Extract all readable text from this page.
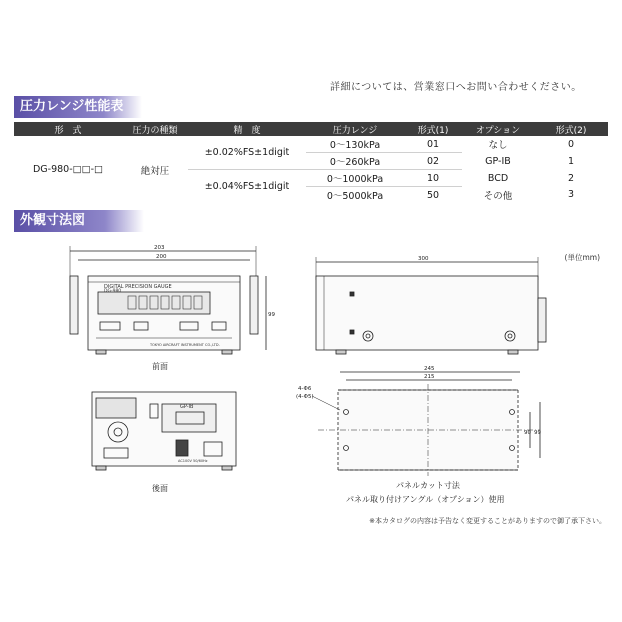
詳細については、営業窓口へお問い合わせください。
圧力レンジ性能表
形　式	圧力の種類	精　度	圧力レンジ	形式(1)	オプション	形式(2)
DG-980-□□-□	絶対圧	±0.02%FS±1digit	0〜130kPa	01	なし	0
			0〜260kPa	02	GP-IB	1
		±0.04%FS±1digit	0〜1000kPa	10	BCD	2
			0〜5000kPa	50	その他	3
外観寸法図
203
200
99
DIGITAL PRECISION GAUGE
DG-980
TOKYO AIRCRAFT INSTRUMENT CO.,LTD.
300
GP-IB
AC100V 50/60Hz
245
215
90 99
4-Φ6
(4-Φ5)
(単位mm)
前面
後面	パネルカット寸法
パネル取り付けアングル（オプション）使用
※本カタログの内容は予告なく変更することがありますので御了承下さい。
